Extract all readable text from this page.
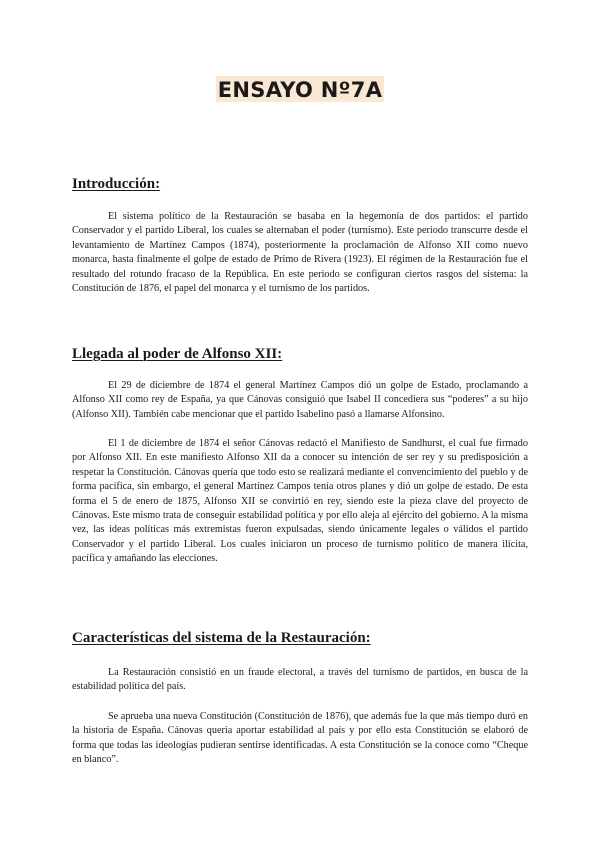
ENSAYO Nº7A
Introducción:

El sistema político de la Restauración se basaba en la hegemonía de dos partidos: el partido Conservador y el partido Liberal, los cuales se alternaban el poder (turnismo). Este periodo transcurre desde el levantamiento de Martínez Campos (1874), posteriormente la proclamación de Alfonso XII como nuevo monarca, hasta finalmente el golpe de estado de Primo de Rivera (1923). El régimen de la Restauración fue el resultado del rotundo fracaso de la República. En este periodo se configuran ciertos rasgos del sistema: la Constitución de 1876, el papel del monarca y el turnismo de los partidos.

Llegada al poder de Alfonso XII:

El 29 de diciembre de 1874 el general Martínez Campos dió un golpe de Estado, proclamando a Alfonso XII como rey de España, ya que Cánovas consiguió que Isabel II concediera sus “poderes” a su hijo (Alfonso XII). También cabe mencionar que el partido Isabelino pasó a llamarse Alfonsino.

El 1 de diciembre de 1874 el señor Cánovas redactó el Manifiesto de Sandhurst, el cual fue firmado por Alfonso XII. En este manifiesto Alfonso XII da a conocer su intención de ser rey y su predisposición a respetar la Constitución. Cánovas quería que todo esto se realizará mediante el convencimiento del pueblo y de forma pacífica, sin embargo, el general Martínez Campos tenía otros planes y dió un golpe de estado. De esta forma el 5 de enero de 1875, Alfonso XII se convirtió en rey, siendo este la pieza clave del proyecto de Cánovas. Este mismo trata de conseguir estabilidad política y por ello aleja al ejército del gobierno. A la misma vez, las ideas políticas más extremistas fueron expulsadas, siendo únicamente legales o válidos el partido Conservador y el partido Liberal. Los cuales iniciaron un proceso de turnismo político de manera ilícita, pacífica y amañando las elecciones.

Características del sistema de la Restauración:

La Restauración consistió en un fraude electoral, a través del turnismo de partidos, en busca de la estabilidad política del país.

Se aprueba una nueva Constitución (Constitución de 1876), que además fue la que más tiempo duró en la historia de España. Cánovas quería aportar estabilidad al país y por ello esta Constitución se elaboró de forma que todas las ideologías pudieran sentirse identificadas. A esta Constitución se la conoce como “Cheque en blanco”.
